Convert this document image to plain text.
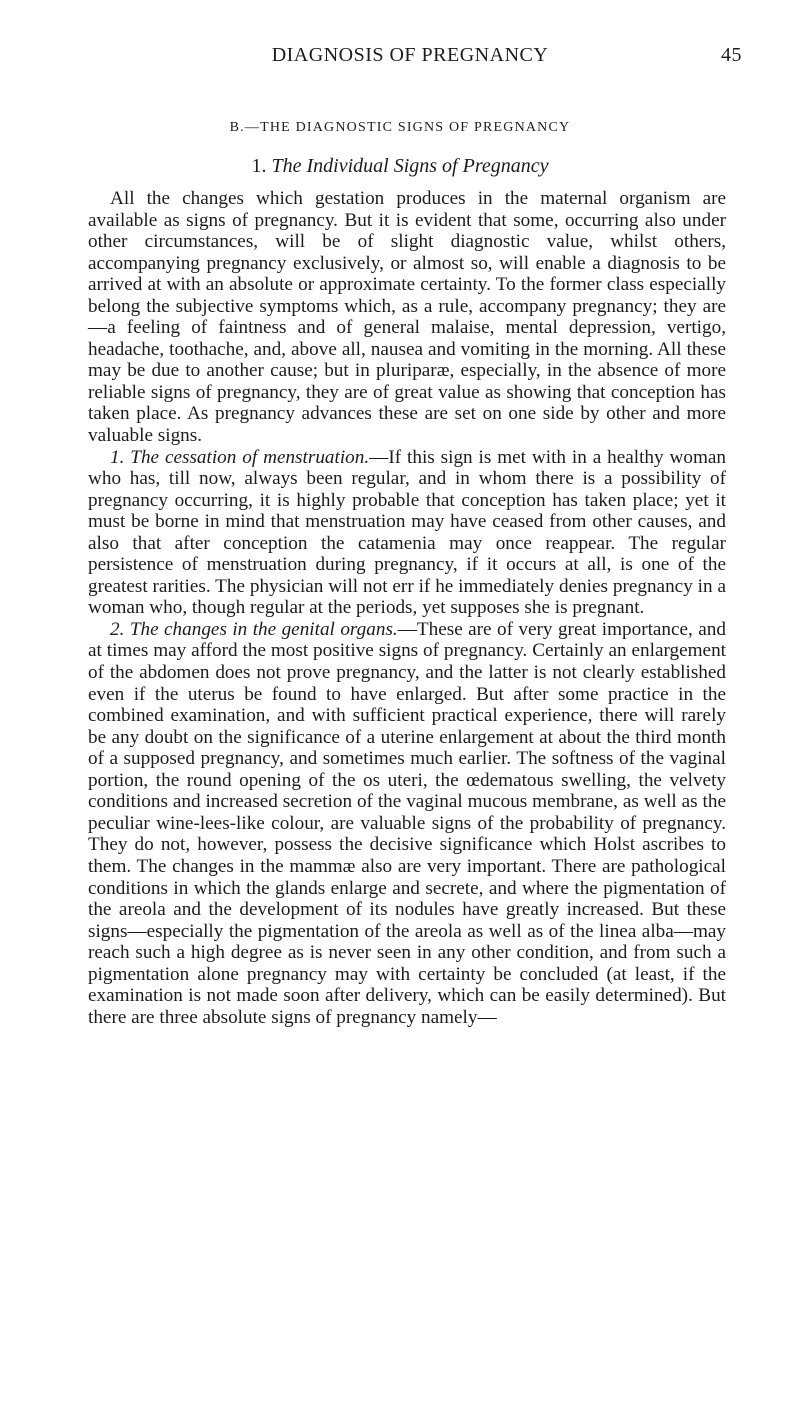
DIAGNOSIS OF PREGNANCY	45
B.—THE DIAGNOSTIC SIGNS OF PREGNANCY
1. The Individual Signs of Pregnancy

All the changes which gestation produces in the maternal organism are available as signs of pregnancy. But it is evident that some, occurring also under other circumstances, will be of slight diagnostic value, whilst others, accompanying pregnancy exclusively, or almost so, will enable a diagnosis to be arrived at with an absolute or approximate certainty. To the former class especially belong the subjective symptoms which, as a rule, accompany pregnancy; they are—a feeling of faintness and of general malaise, mental depression, vertigo, headache, toothache, and, above all, nausea and vomiting in the morning. All these may be due to another cause; but in pluriparæ, especially, in the absence of more reliable signs of pregnancy, they are of great value as showing that conception has taken place. As pregnancy advances these are set on one side by other and more valuable signs.

1. The cessation of menstruation.—If this sign is met with in a healthy woman who has, till now, always been regular, and in whom there is a possibility of pregnancy occurring, it is highly probable that conception has taken place; yet it must be borne in mind that menstruation may have ceased from other causes, and also that after conception the catamenia may once reappear. The regular persistence of menstruation during pregnancy, if it occurs at all, is one of the greatest rarities. The physician will not err if he immediately denies pregnancy in a woman who, though regular at the periods, yet supposes she is pregnant.

2. The changes in the genital organs.—These are of very great importance, and at times may afford the most positive signs of pregnancy. Certainly an enlargement of the abdomen does not prove pregnancy, and the latter is not clearly established even if the uterus be found to have enlarged. But after some practice in the combined examination, and with sufficient practical experience, there will rarely be any doubt on the significance of a uterine enlargement at about the third month of a supposed pregnancy, and sometimes much earlier. The softness of the vaginal portion, the round opening of the os uteri, the œdematous swelling, the velvety conditions and increased secretion of the vaginal mucous membrane, as well as the peculiar wine-lees-like colour, are valuable signs of the probability of pregnancy. They do not, however, possess the decisive significance which Holst ascribes to them. The changes in the mammæ also are very important. There are pathological conditions in which the glands enlarge and secrete, and where the pigmentation of the areola and the development of its nodules have greatly increased. But these signs—especially the pigmentation of the areola as well as of the linea alba—may reach such a high degree as is never seen in any other condition, and from such a pigmentation alone pregnancy may with certainty be concluded (at least, if the examination is not made soon after delivery, which can be easily determined). But there are three absolute signs of pregnancy namely—
